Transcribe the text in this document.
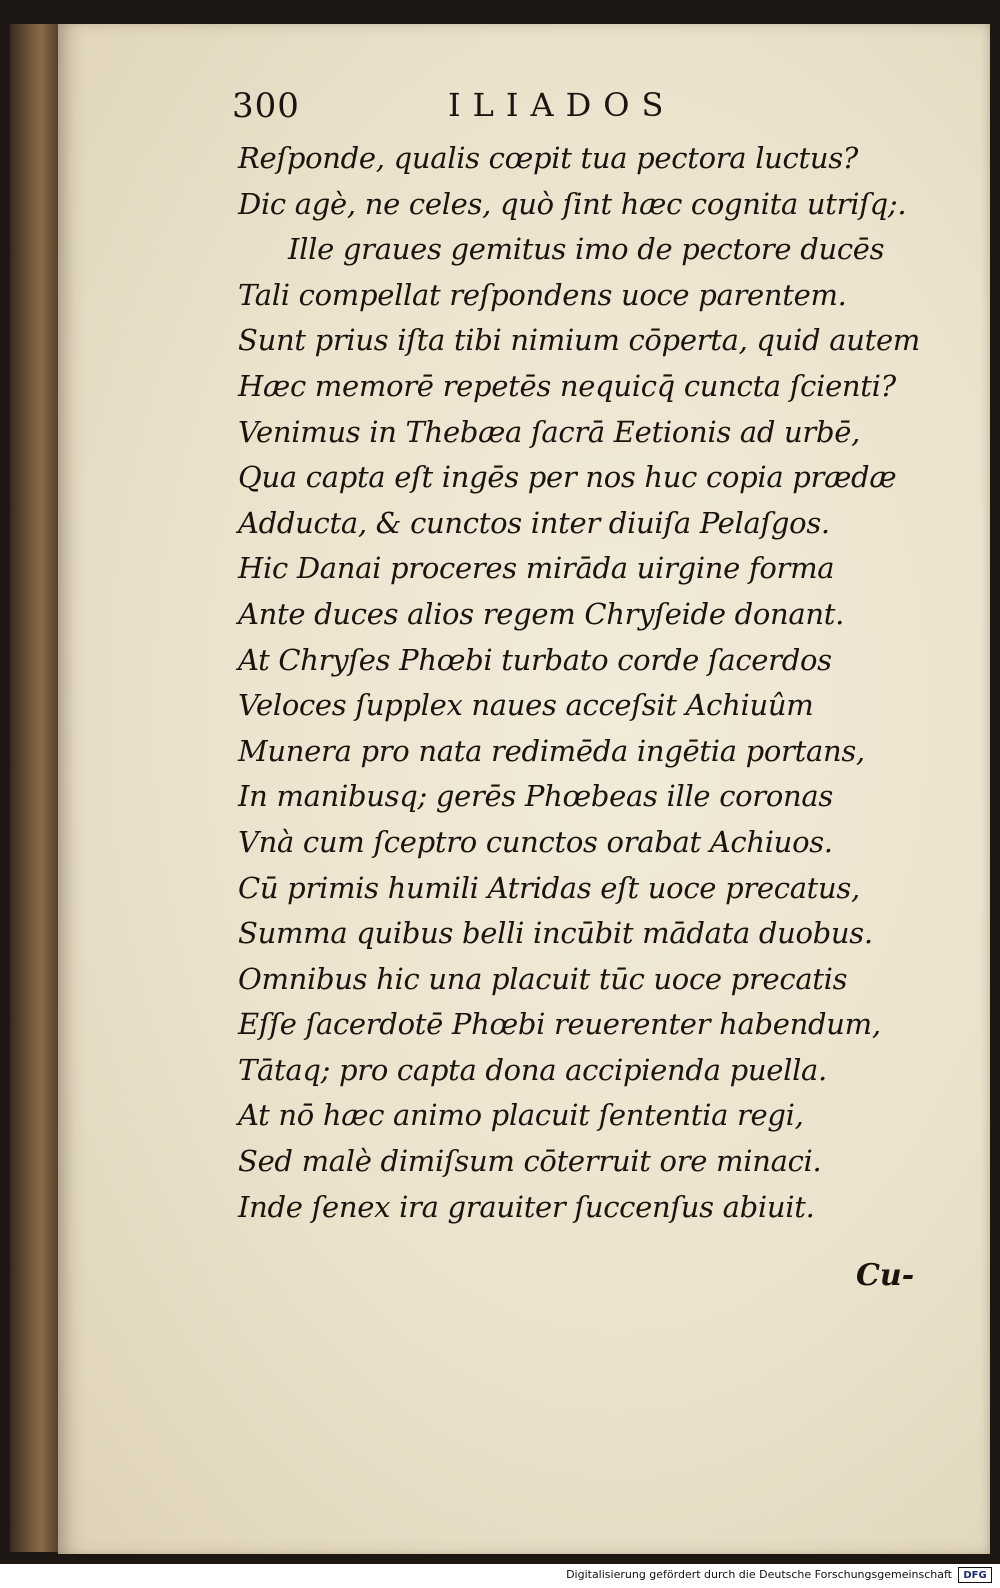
300	ILIADOS
Reſponde, qualis cœpit tua pectora luctus?
Dic agè, ne celes, quò ſint hæc cognita utriſq;.
Ille graues gemitus imo de pectore ducēs
Tali compellat reſpondens uoce parentem.
Sunt prius iſta tibi nimium cōperta, quid autem
Hæc memorē repetēs nequicq̄ cuncta ſcienti?
Venimus in Thebæa ſacrā Eetionis ad urbē,
Qua capta eſt ingēs per nos huc copia prædæ
Adducta, & cunctos inter diuiſa Pelaſgos.
Hic Danai proceres mirāda uirgine forma
Ante duces alios regem Chryſeide donant.
At Chryſes Phœbi turbato corde ſacerdos
Veloces ſupplex naues acceſsit Achiuûm
Munera pro nata redimēda ingētia portans,
In manibusq; gerēs Phœbeas ille coronas
Vnà cum ſceptro cunctos orabat Achiuos.
Cū primis humili Atridas eſt uoce precatus,
Summa quibus belli incūbit mādata duobus.
Omnibus hic una placuit tūc uoce precatis
Eſſe ſacerdotē Phœbi reuerenter habendum,
Tātaq; pro capta dona accipienda puella.
At nō hæc animo placuit ſententia regi,
Sed malè dimiſsum cōterruit ore minaci.
Inde ſenex ira grauiter ſuccenſus abiuit.
Cu-
Digitalisierung gefördert durch die Deutsche Forschungsgemeinschaft	DFG
